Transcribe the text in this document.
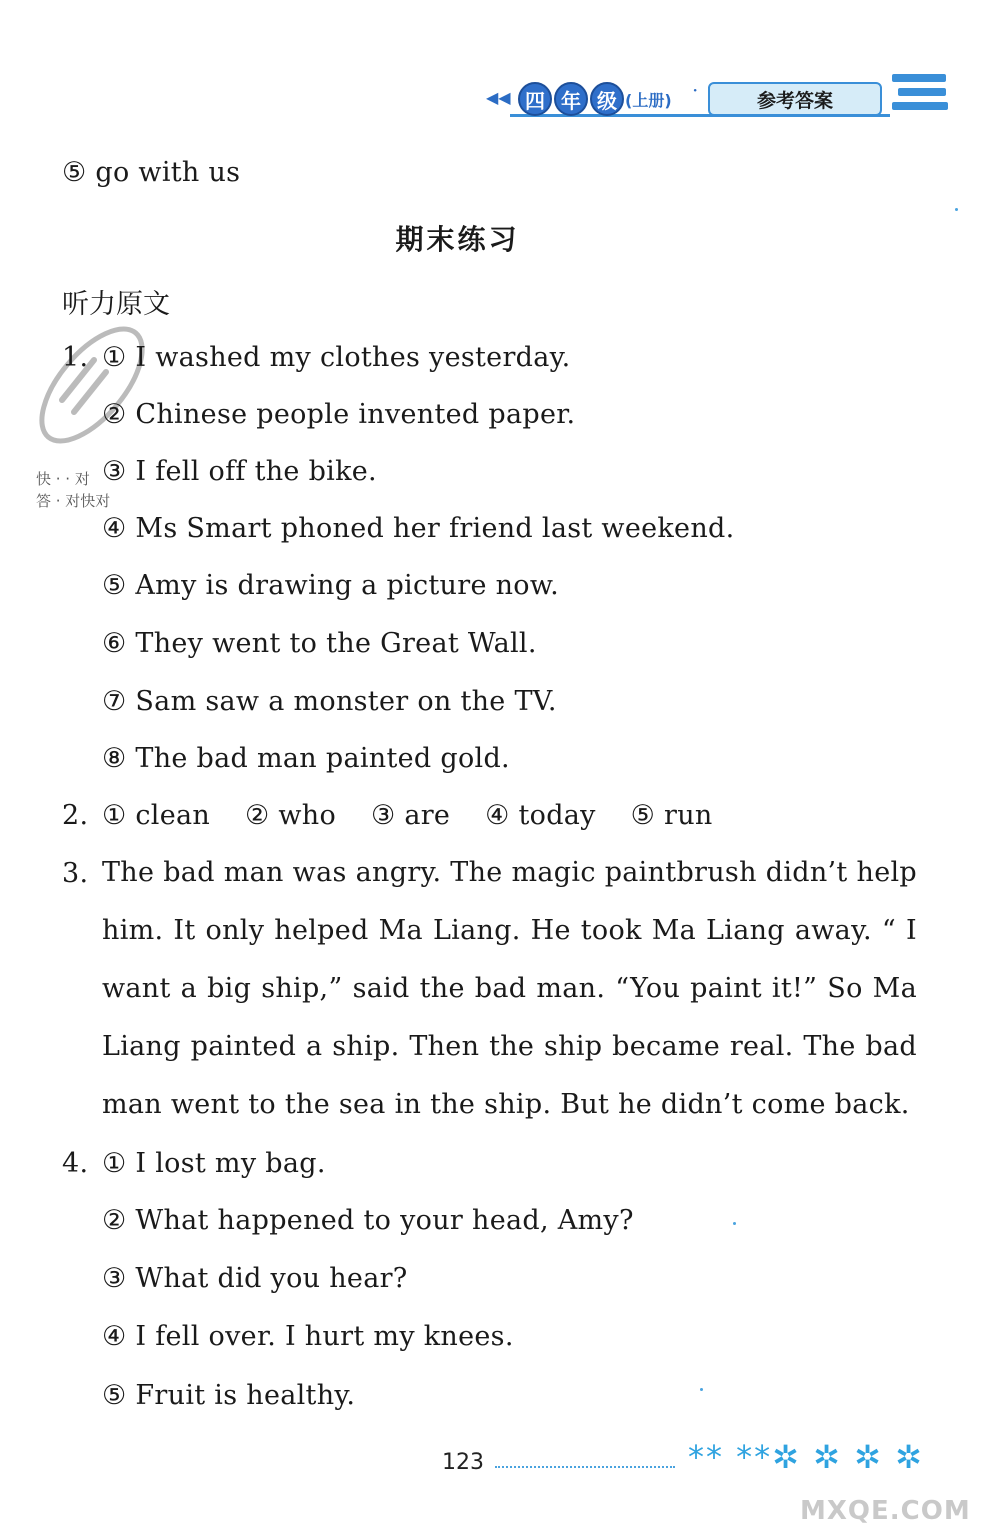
◀◀ 四 年 级 (上册) ·	参考答案
⑤ go with us
期末练习
听力原文
快 · · 对
答 · 对快对
1. ① I washed my clothes yesterday.
② Chinese people invented paper.
③ I fell off the bike.
④ Ms Smart phoned her friend last weekend.
⑤ Amy is drawing a picture now.
⑥ They went to the Great Wall.
⑦ Sam saw a monster on the TV.
⑧ The bad man painted gold.
2. ① clean ② who ③ are ④ today ⑤ run
3. The bad man was angry. The magic paintbrush didn’t help him. It only helped Ma Liang. He took Ma Liang away. “ I want a big ship,” said the bad man. “You paint it!” So Ma Liang painted a ship. Then the ship became real. The bad man went to the sea in the ship. But he didn’t come back.
4. ① I lost my bag.
② What happened to your head, Amy?
③ What did you hear?
④ I fell over. I hurt my knees.
⑤ Fruit is healthy.
123	** **✲ ✲ ✲ ✲
MXQE.COM
